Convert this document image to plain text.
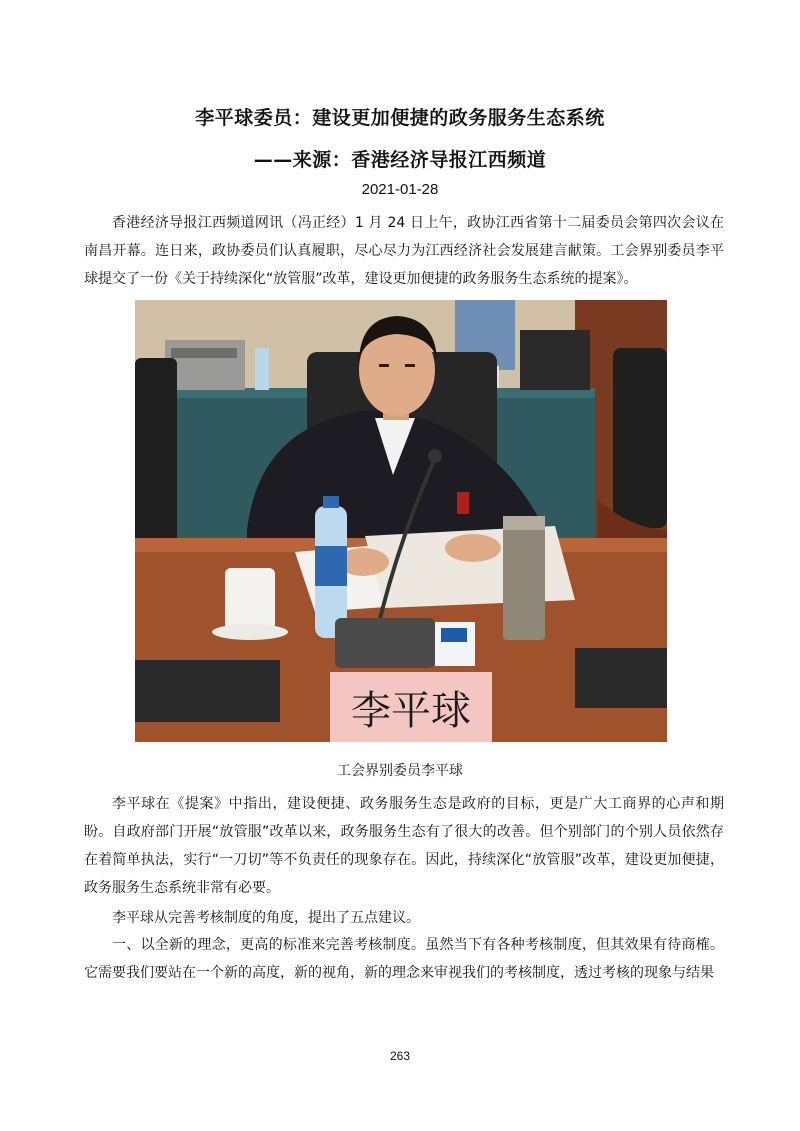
李平球委员：建设更加便捷的政务服务生态系统
——来源：香港经济导报江西频道
2021-01-28
香港经济导报江西频道网讯（冯正经）1 月 24 日上午，政协江西省第十二届委员会第四次会议在南昌开幕。连日来，政协委员们认真履职，尽心尽力为江西经济社会发展建言献策。工会界别委员李平球提交了一份《关于持续深化“放管服”改革，建设更加便捷的政务服务生态系统的提案》。
李平球
工会界别委员李平球
李平球在《提案》中指出，建设便捷、政务服务生态是政府的目标，更是广大工商界的心声和期盼。自政府部门开展“放管服”改革以来，政务服务生态有了很大的改善。但个别部门的个别人员依然存在着简单执法，实行“一刀切”等不负责任的现象存在。因此，持续深化“放管服”改革，建设更加便捷，政务服务生态系统非常有必要。
李平球从完善考核制度的角度，提出了五点建议。
一、以全新的理念，更高的标准来完善考核制度。虽然当下有各种考核制度，但其效果有待商榷。它需要我们要站在一个新的高度，新的视角，新的理念来审视我们的考核制度，透过考核的现象与结果
263
